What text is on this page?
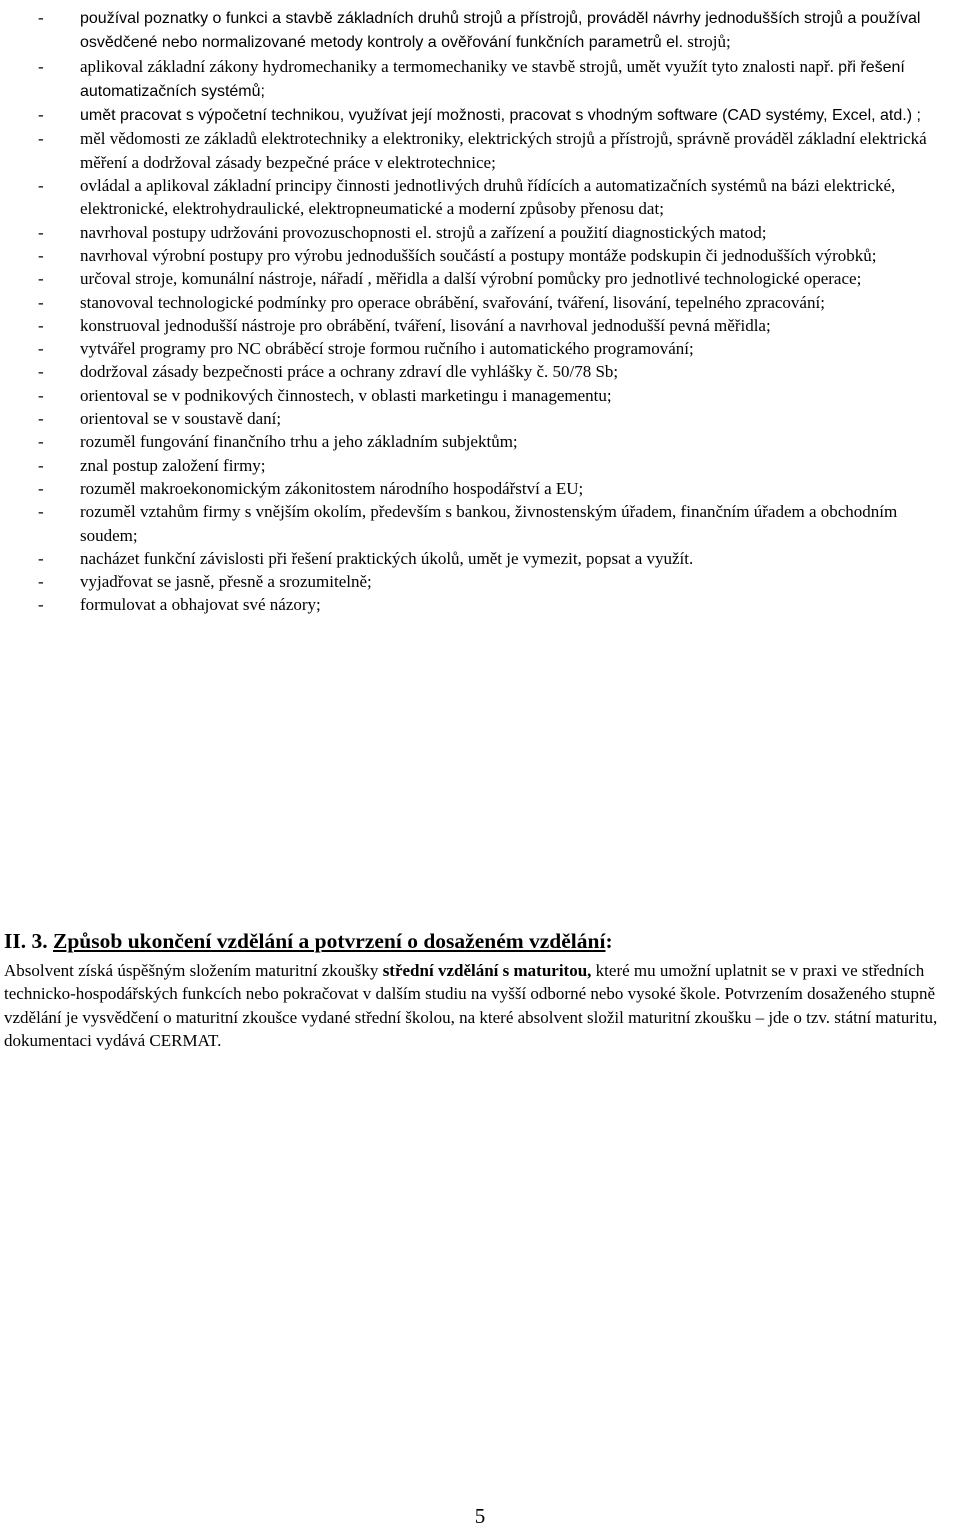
- používal poznatky o funkci a stavbě základních druhů strojů a přístrojů, prováděl návrhy jednodušších strojů a používal osvědčené nebo normalizované metody kontroly a ověřování funkčních parametrů el. strojů;
- aplikoval základní zákony hydromechaniky a termomechaniky ve stavbě strojů, umět využít tyto znalosti např. při řešení automatizačních systémů;
- umět pracovat s výpočetní technikou, využívat její možnosti, pracovat s vhodným software (CAD systémy, Excel, atd.) ;
- měl vědomosti ze základů elektrotechniky a elektroniky, elektrických strojů a přístrojů, správně prováděl základní elektrická měření a dodržoval zásady bezpečné práce v elektrotechnice;
- ovládal a aplikoval základní principy činnosti jednotlivých druhů řídících a automatizačních systémů na bázi elektrické, elektronické, elektrohydraulické, elektropneumatické a moderní způsoby přenosu dat;
- navrhoval postupy udržováni provozuschopnosti el. strojů a zařízení a použití diagnostických matod;
- navrhoval výrobní postupy pro výrobu jednodušších součástí a postupy montáže podskupin či jednodušších výrobků;
- určoval stroje, komunální nástroje, nářadí , měřidla a další výrobní pomůcky pro jednotlivé technologické operace;
- stanovoval technologické podmínky pro operace obrábění, svařování, tváření, lisování, tepelného zpracování;
- konstruoval jednodušší nástroje pro obrábění, tváření, lisování a navrhoval jednodušší pevná měřidla;
- vytvářel programy pro NC obráběcí stroje formou ručního i automatického programování;
- dodržoval zásady bezpečnosti práce a ochrany zdraví dle vyhlášky č. 50/78 Sb;
- orientoval se v podnikových činnostech, v oblasti marketingu i managementu;
- orientoval se v soustavě daní;
- rozuměl fungování finančního trhu a jeho základním subjektům;
- znal postup založení firmy;
- rozuměl makroekonomickým zákonitostem národního hospodářství a EU;
- rozuměl vztahům firmy s vnějším okolím, především s bankou, živnostenským úřadem, finančním úřadem a obchodním soudem;
- nacházet funkční závislosti při řešení praktických úkolů, umět je vymezit, popsat a využít.
- vyjadřovat se jasně, přesně a srozumitelně;
- formulovat a obhajovat své názory;
II. 3. Způsob ukončení vzdělání a potvrzení o dosaženém vzdělání:

Absolvent získá úspěšným složením maturitní zkoušky střední vzdělání s maturitou, které mu umožní uplatnit se v praxi ve středních technicko-hospodářských funkcích nebo pokračovat v dalším studiu na vyšší odborné nebo vysoké škole. Potvrzením dosaženého stupně vzdělání je vysvědčení o maturitní zkoušce vydané střední školou, na které absolvent složil maturitní zkoušku – jde o tzv. státní maturitu, dokumentaci vydává CERMAT.

5
